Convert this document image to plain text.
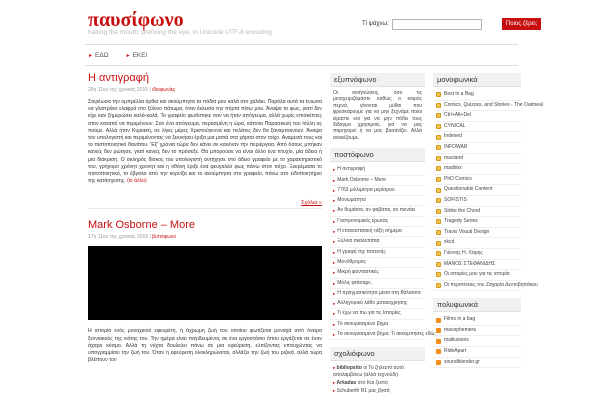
παυσίφωνο
halting the mouth, prefixing the eye, in Unicode UTF-8 encoding
Τί ψάχνω:	Ποιος ζέρει;
▸ ΕΔΩ	▸ ΕΚΕΙ
Η αντιγραφή
26η 11ου της χρονιάς 2015 | ιδιοφωνίες
Στερέωσα την ομπρέλλα όρθια και ακούμπησα τα πόδια μου καλά στο χαλάκι. Παρόλα αυτά τα ένιωσα να γλιστράνε ελαφρά στο ξύλινο πάτωμα, όταν έκλεισα την πόρτα πίσω μου. Άναψα το φως, γιατί δεν είχε καν ξημερώσει καλά-καλά. Το γραφείο φωτίστηκε σαν να ήταν απόγευμα, αλλά χωρίς επισκέπτες στον καναπέ να περιμένουν. Σαν ένα απόγευμα, περασμένη η ώρα, κάποια Παρασκευή του Ιούλη ας πούμε. Αλλά ήταν Κυριακή, σε λίγες μέρες Χριστούγεννα και πελάτες δεν θα ξαναμπαινουν. Άναψα τον υπολογιστή και περιμένοντας να ξεκινήσει έριξα μια ματιά στα χάρτια στον τοίχο. Αναμεσά τους και το πιστοποιητικό θανάτου. 'Εξ' χρόνια τώρα δεν κάνει σε κανέναν την περιέργεια. Από όσους μπήκαν κανείς δεν ρώτησε, γιατί κανείς δεν το πρόσεξε. Θα μπορούσε να είναι άλλο ένα πτυχίο, μία άδεια ή μια διάκριση. Ο σκληρός δίσκος του υπολογιστή αντήχησε στο άδειο γραφείο με το χαρακτηριστικό του, γρήγορο χρόνητ χρονητ και η οθόνη έριξε ένα φευγαλέο φως πάνω στον τοίχο. Ξεκρέμασα το πιστοποιητικό, το έβγαλα από την κορνίζα και το ακούμπησα στο γραφείο, πάνω στο ειδοποιητήριο της κατάσχεσης. (κι άλλο)
Σχόλια »
Mark Osborne – More
17η 11ου της χρονιάς 2015 | βυτιόφωνο
Η ιστορία ενός μοναχικού εφευρέτη, ή άχρωμη ζωή του οποίου φωτίζεται μοναχά από όνειρα ξεννιακούς της νιότης του. Την ημέρα είναι παγιδευμένος σε ένα εργοστάσιο όπου εργάζεται σε έναν άχαρο κόσμο. Αλλά τη νύχτα δουλεύει πάνω σε μια εφεύρεση, ελπίζοντας επιτυχώντας να υπογραμμίσει την ζωή του. Όταν η εφεύρεση ολοκληρώνεται, αλλάζει την ζωή του ριζικά, αλλά τώρα βλέπουν τον
εξυπνόφωνο
Οι αναγνώσεις, όσο τις μεταχειριζόμαστε καθώς ο καιρός περνά, γίνονται μύθοι που φρεσκάρουμε για να μην ξεχνάμε ποιοι είμαστε και για να μην πόθει τους διδαγμα χρησιμοέι, για να μας παρηγορεί ή να μας βασανίζει. Αλλά ανικείζουμε.
ποστόφωνο
▸ Η αντιγραφή
▸ Mark Osborne – More
▸ 7763 μιλλιμέτρα μερίσμού
▸ Μονωμάτητα
▸ Αν θυμάσαι, αν φοβάται, αν πεινάει
▸ Γαστρονομικός έρωτας
▸ Η επαναστατική τάξη σήμερα
▸ Ξύλινα σκαλοπάτια
▸ Η γραφή της ταπεινής
▸ Μονόθρομος
▸ Μικρή φανταστικές
▸ Μόλις φτάσαμε.
▸ Η πραγματικότητα μέσα στη θάλασσα
▸ Αλληγορικό λάθο ματαιοχρησης
▸ Τι έχω να πω για τις Ιστορίες
▸ Το σκουριασμένο βήμα
▸ Τα σκουριασμένα βήμα; Τι ακούμπησες εδώ;
σχολιόφωνο
▸ bibliopsito οι Το ζηλευτό αυτό απολαμβάνω (αλλά τεχνούδι)
▸ Arkadas στο Και ζεστό
▸ Schuberth R1 μας βγατί;
μονοφωνικά
Best in a Bag
Comics, Quizzes, and Stories - The Oatmeal
Ctrl+Alt+Del
CYNICAL
Indexed
INFOWAR
macland
maddox
PhD Comics
Questionable Content
SOFISTIS
Strike the Chord
Tragedy Series
Travis Visual Design
xkcd
Γιάννης Η. Χάρης
ΜΑΝΟΣ ΣΤΕΦΑΝΙΔΗΣ
Οι ιστορίες μου για τις ιστορία
Οι περιπέτειες του Ζαχαρία Δεντοβηπάκου
πολυφωνικά
Films in a bag
macephemera
mailiusions
RideApart
soundblender.gr
